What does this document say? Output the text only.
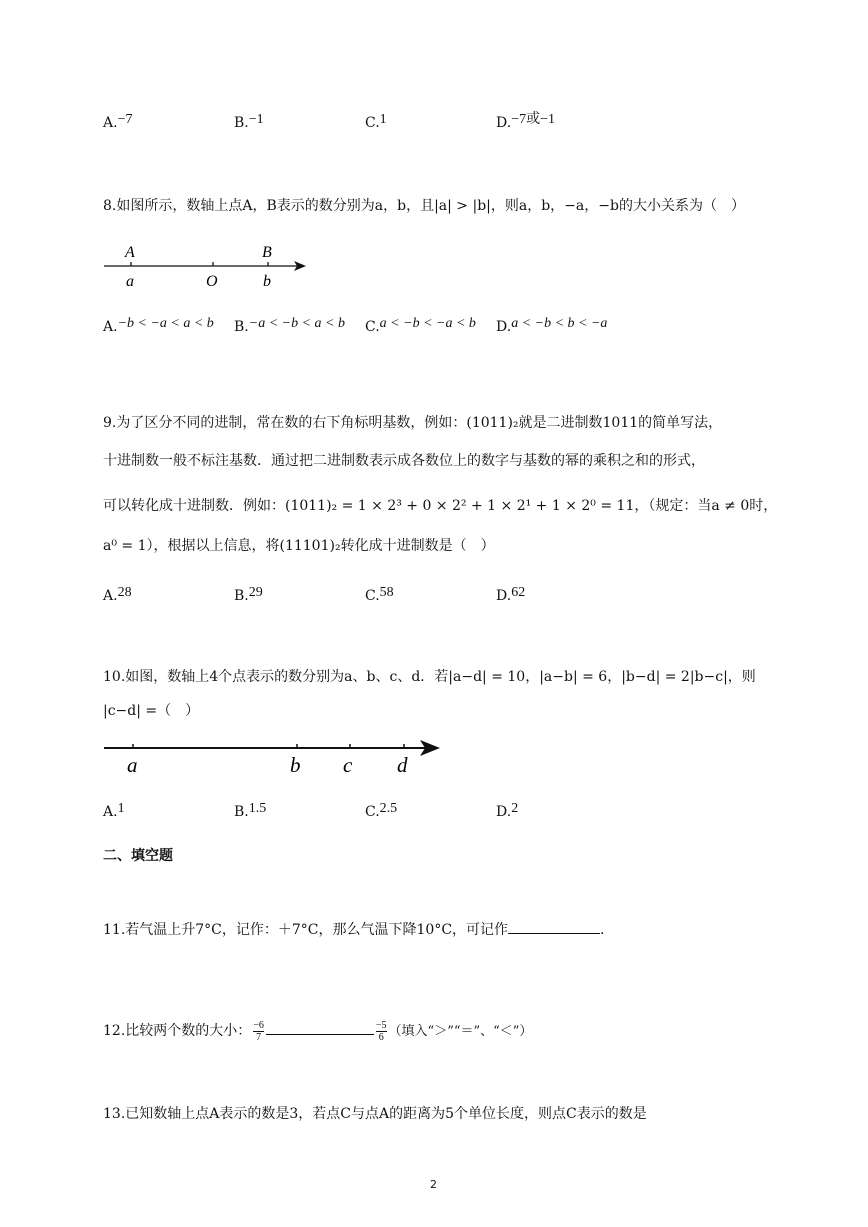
A.−7	B.−1	C.1	D.−7或−1
8.如图所示，数轴上点A，B表示的数分别为a，b，且|a| > |b|，则a，b，−a，−b的大小关系为（　）
A	B
a	O	b
A.−b < −a < a < b B.−a < −b < a < b C.a < −b < −a < b D.a < −b < b < −a
9.为了区分不同的进制，常在数的右下角标明基数，例如：(1011)₂就是二进制数1011的简单写法，
十进制数一般不标注基数．通过把二进制数表示成各数位上的数字与基数的幂的乘积之和的形式，
可以转化成十进制数．例如：(1011)₂ = 1 × 2³ + 0 × 2² + 1 × 2¹ + 1 × 2⁰ = 11，（规定：当a ≠ 0时，
a⁰ = 1），根据以上信息，将(11101)₂转化成十进制数是（　）
A.28	B.29	C.58	D.62
10.如图，数轴上4个点表示的数分别为a、b、c、d．若|a−d| = 10，|a−b| = 6，|b−d| = 2|b−c|，则
|c−d| =（　）
a	b c d
A.1	B.1.5	C.2.5	D.2
二、填空题
11.若气温上升7°C，记作：＋7°C，那么气温下降10°C，可记作	.
12.比较两个数的大小： $\frac{-6}{7}$	$\frac{-5}{6}$ （填入“＞”“＝”、“＜”）
13.已知数轴上点A表示的数是3，若点C与点A的距离为5个单位长度，则点C表示的数是
2
